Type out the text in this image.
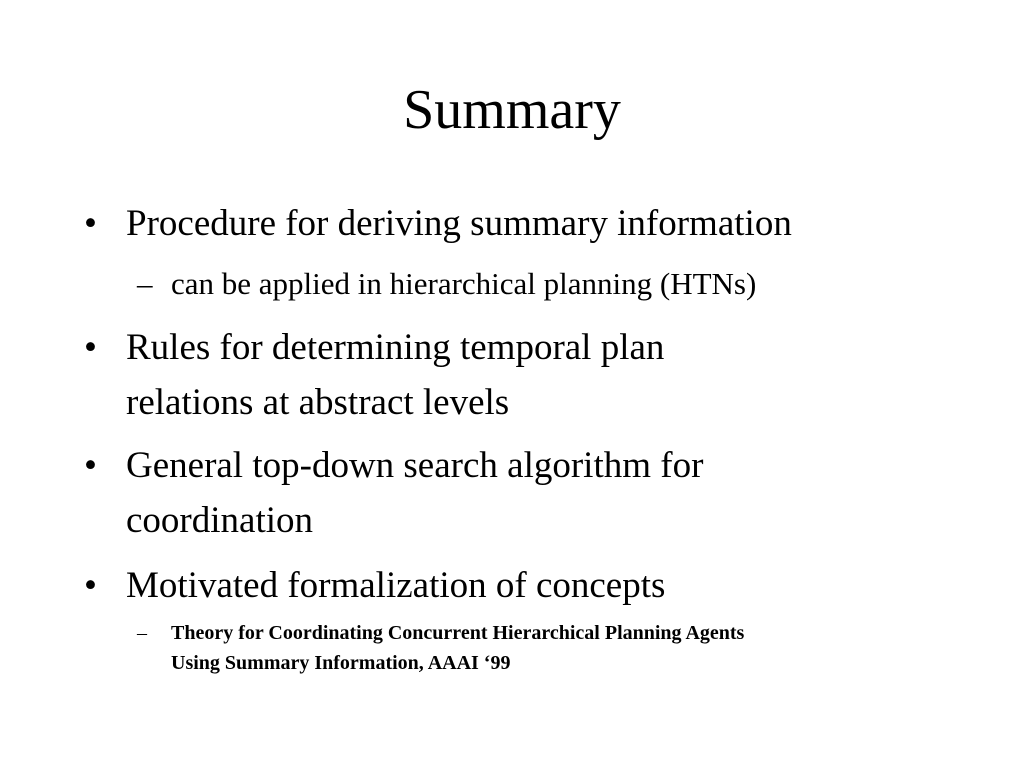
Summary
• Procedure for deriving summary information
– can be applied in hierarchical planning (HTNs)
• Rules for determining temporal plan
relations at abstract levels
• General top-down search algorithm for
coordination
• Motivated formalization of concepts
– Theory for Coordinating Concurrent Hierarchical Planning Agents
Using Summary Information, AAAI ‘99
